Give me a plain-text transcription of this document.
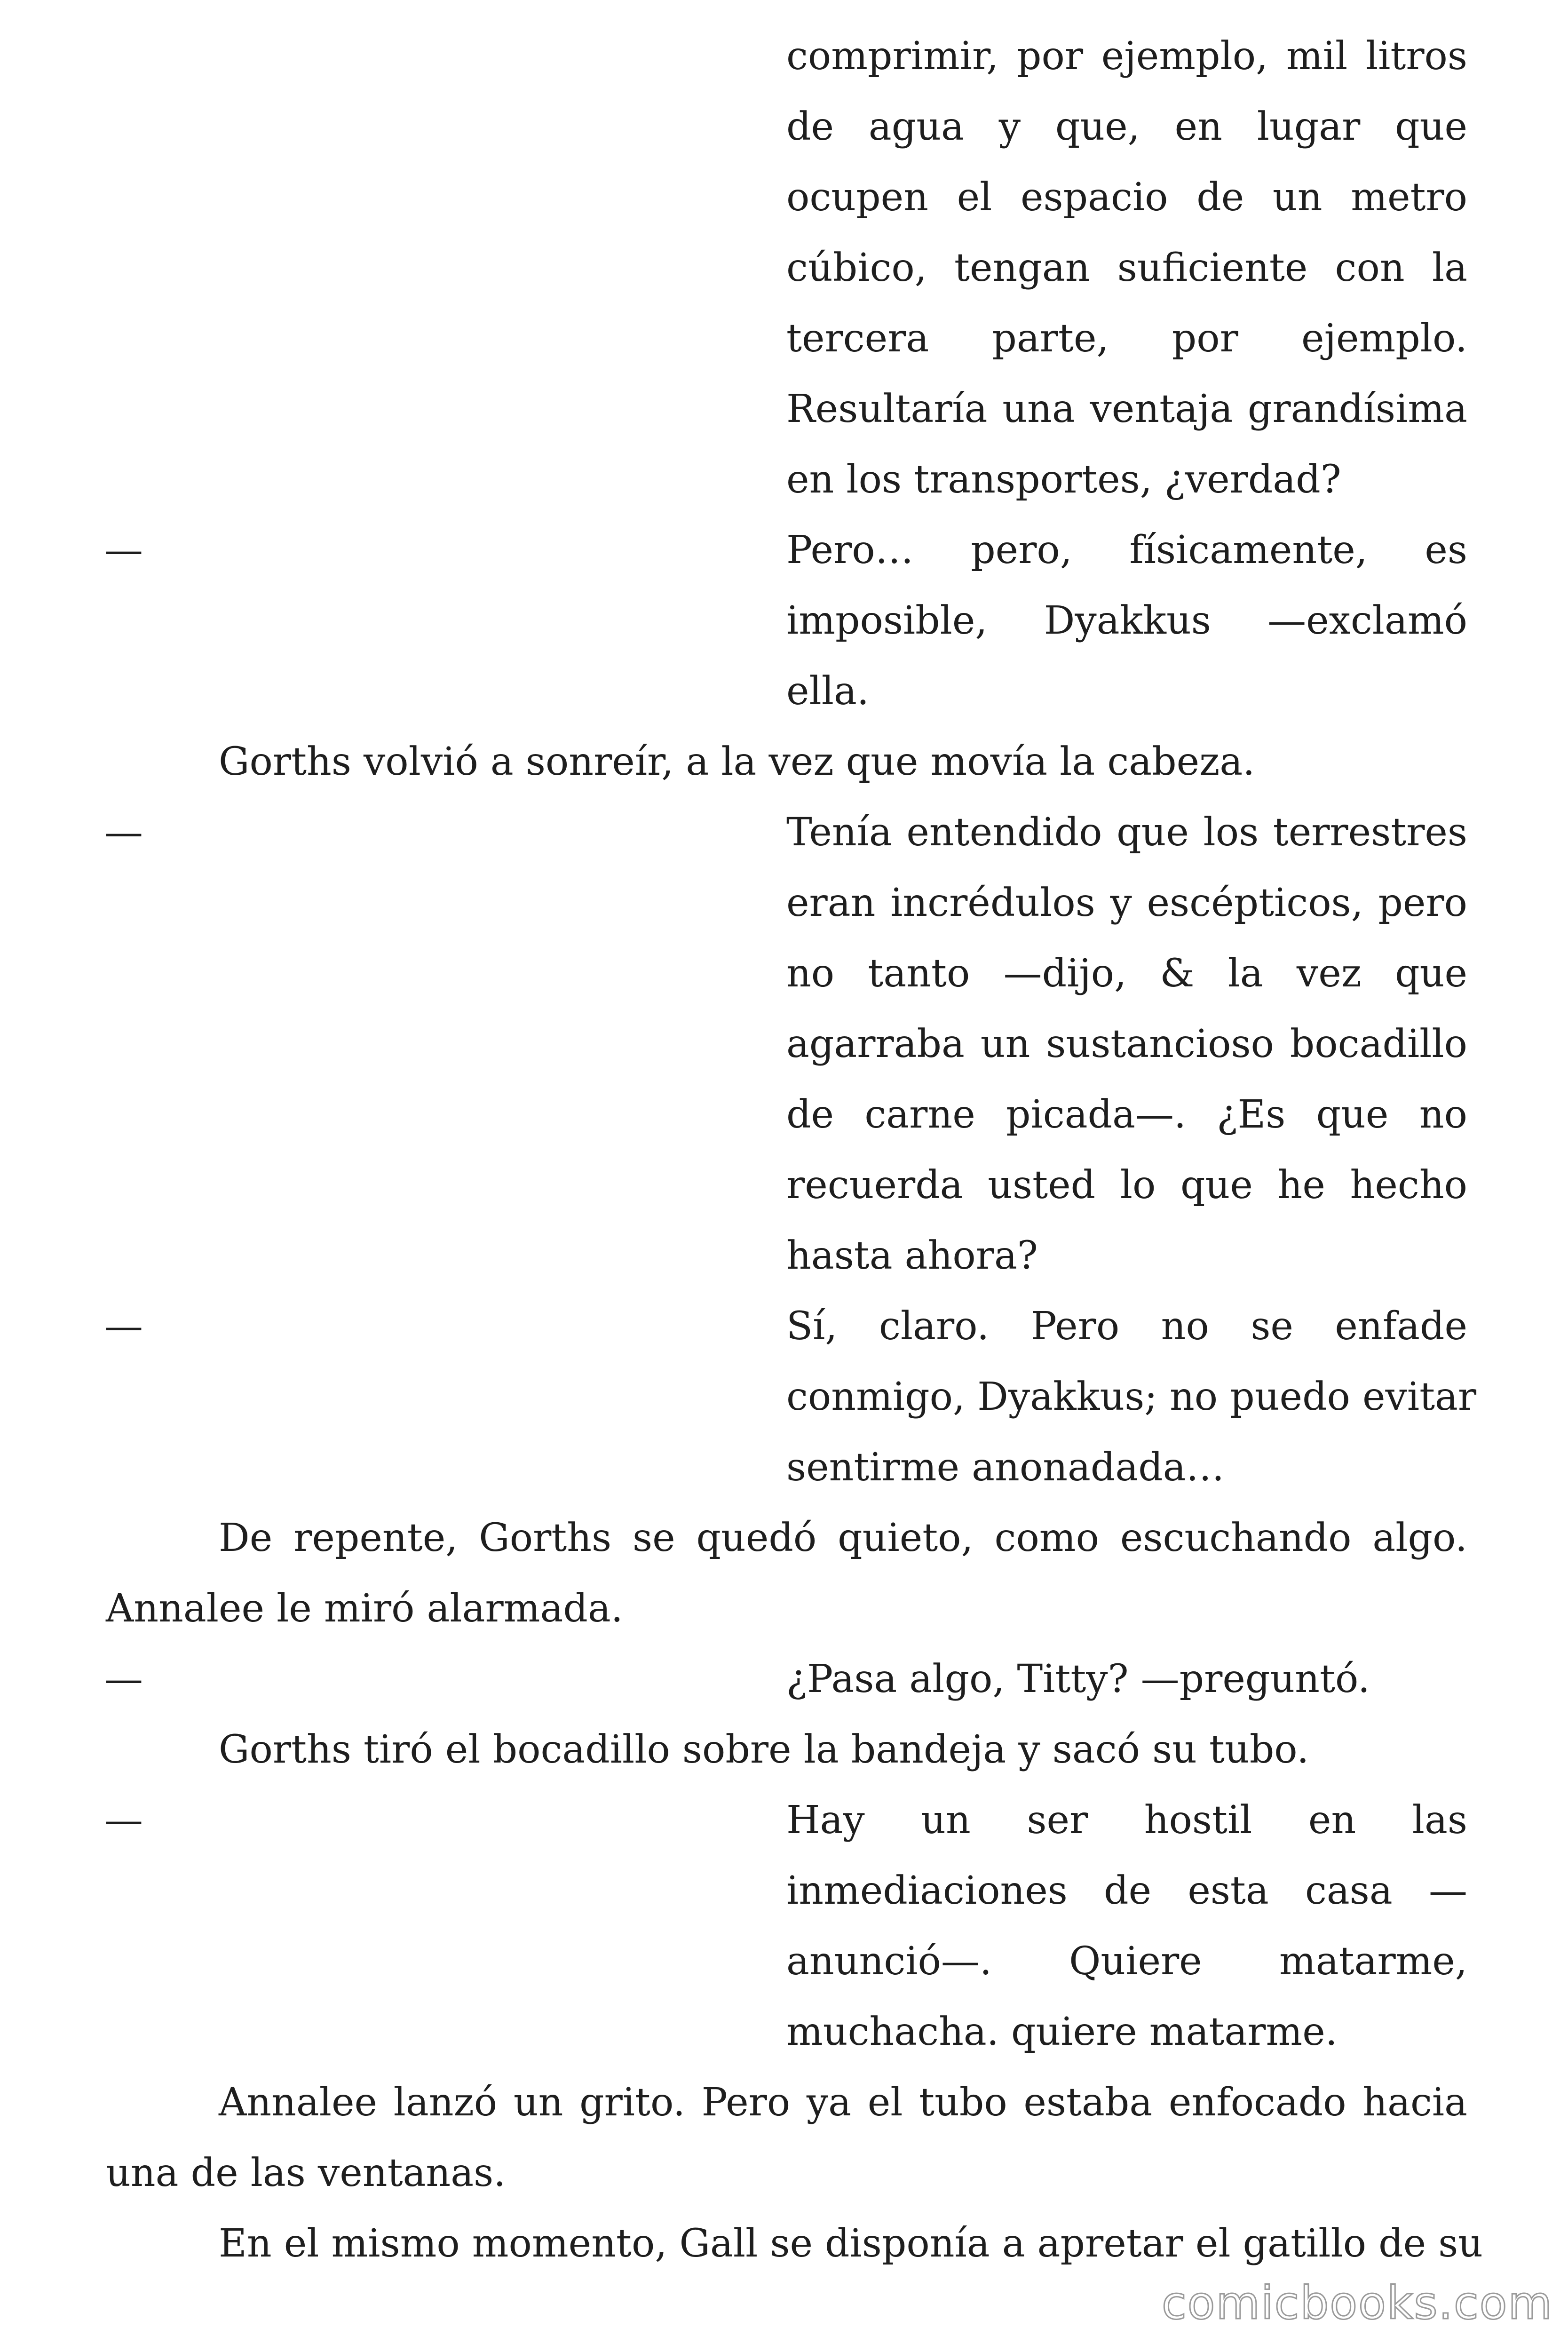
comprimir, por ejemplo, mil litros

de agua y que, en lugar que

ocupen el espacio de un metro

cúbico, tengan suficiente con la

tercera parte, por ejemplo.

Resultaría una ventaja grandísima

en los transportes, ¿verdad?

—	Pero… pero, físicamente, es

imposible, Dyakkus —exclamó

ella.

Gorths volvió a sonreír, a la vez que movía la cabeza.

—	Tenía entendido que los terrestres

eran incrédulos y escépticos, pero

no tanto —dijo, & la vez que

agarraba un sustancioso bocadillo

de carne picada—. ¿Es que no

recuerda usted lo que he hecho

hasta ahora?

—	Sí, claro. Pero no se enfade

conmigo, Dyakkus; no puedo evitar

sentirme anonadada…

De repente, Gorths se quedó quieto, como escuchando algo.

Annalee le miró alarmada.

—	¿Pasa algo, Titty? —preguntó.

Gorths tiró el bocadillo sobre la bandeja y sacó su tubo.

—	Hay un ser hostil en las

inmediaciones de esta casa —

anunció—. Quiere matarme,

muchacha. quiere matarme.

Annalee lanzó un grito. Pero ya el tubo estaba enfocado hacia

una de las ventanas.

En el mismo momento, Gall se disponía a apretar el gatillo de su

comicbooks.com
